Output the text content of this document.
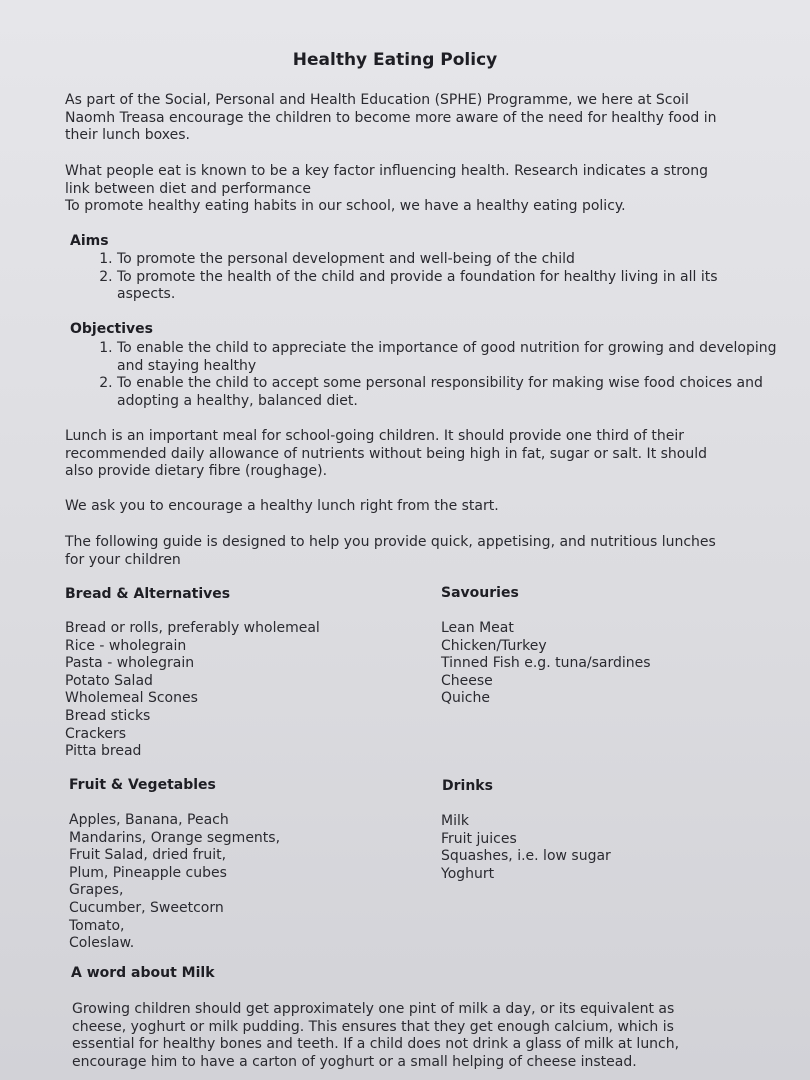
Healthy Eating Policy
As part of the Social, Personal and Health Education (SPHE) Programme, we here at Scoil Naomh Treasa encourage the children to become more aware of the need for healthy food in their lunch boxes.
What people eat is known to be a key factor influencing health. Research indicates a strong link between diet and performance
To promote healthy eating habits in our school, we have a healthy eating policy.
Aims
1. To promote the personal development and well-being of the child
2. To promote the health of the child and provide a foundation for healthy living in all its aspects.
Objectives
1. To enable the child to appreciate the importance of good nutrition for growing and developing and staying healthy
2. To enable the child to accept some personal responsibility for making wise food choices and adopting a healthy, balanced diet.
Lunch is an important meal for school-going children. It should provide one third of their recommended daily allowance of nutrients without being high in fat, sugar or salt. It should also provide dietary fibre (roughage).
We ask you to encourage a healthy lunch right from the start.
The following guide is designed to help you provide quick, appetising, and nutritious lunches for your children
Bread & Alternatives
Bread or rolls, preferably wholemeal
Rice - wholegrain
Pasta - wholegrain
Potato Salad
Wholemeal Scones
Bread sticks
Crackers
Pitta bread
Savouries
Lean Meat
Chicken/Turkey
Tinned Fish e.g. tuna/sardines
Cheese
Quiche
Fruit & Vegetables
Apples, Banana, Peach
Mandarins, Orange segments,
Fruit Salad, dried fruit,
Plum, Pineapple cubes
Grapes,
Cucumber, Sweetcorn
Tomato,
Coleslaw.
Drinks
Milk
Fruit juices
Squashes, i.e. low sugar
Yoghurt
A word about Milk
Growing children should get approximately one pint of milk a day, or its equivalent as cheese, yoghurt or milk pudding. This ensures that they get enough calcium, which is essential for healthy bones and teeth. If a child does not drink a glass of milk at lunch, encourage him to have a carton of yoghurt or a small helping of cheese instead.
